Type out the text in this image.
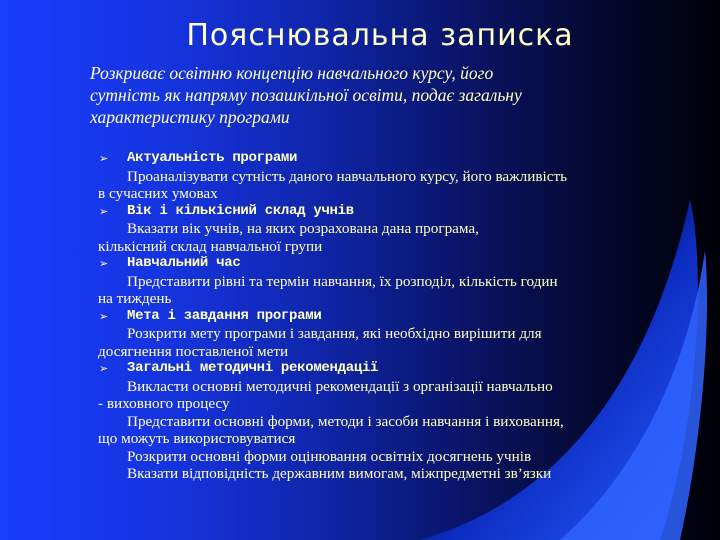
Пояснювальна записка
Розкриває освітню концепцію навчального курсу, його
сутність як напряму позашкільної освіти, подає загальну
характеристику програми
➢ Актуальність програми
Проаналізувати сутність даного навчального курсу, його важливість
в сучасних умовах
➢ Вік і кількісний склад учнів
Вказати вік учнів, на яких розрахована дана програма,
кількісний склад навчальної групи
➢ Навчальний час
Представити рівні та термін навчання, їх розподіл, кількість годин
на тиждень
➢ Мета і завдання програми
Розкрити мету програми і завдання, які необхідно вирішити для
досягнення поставленої мети
➢ Загальні методичні рекомендації
Викласти основні методичні рекомендації з організації навчально
- виховного процесу
Представити основні форми, методи і засоби навчання і виховання,
що можуть використовуватися
Розкрити основні форми оцінювання освітніх досягнень учнів
Вказати відповідність державним вимогам, міжпредметні зв’язки
